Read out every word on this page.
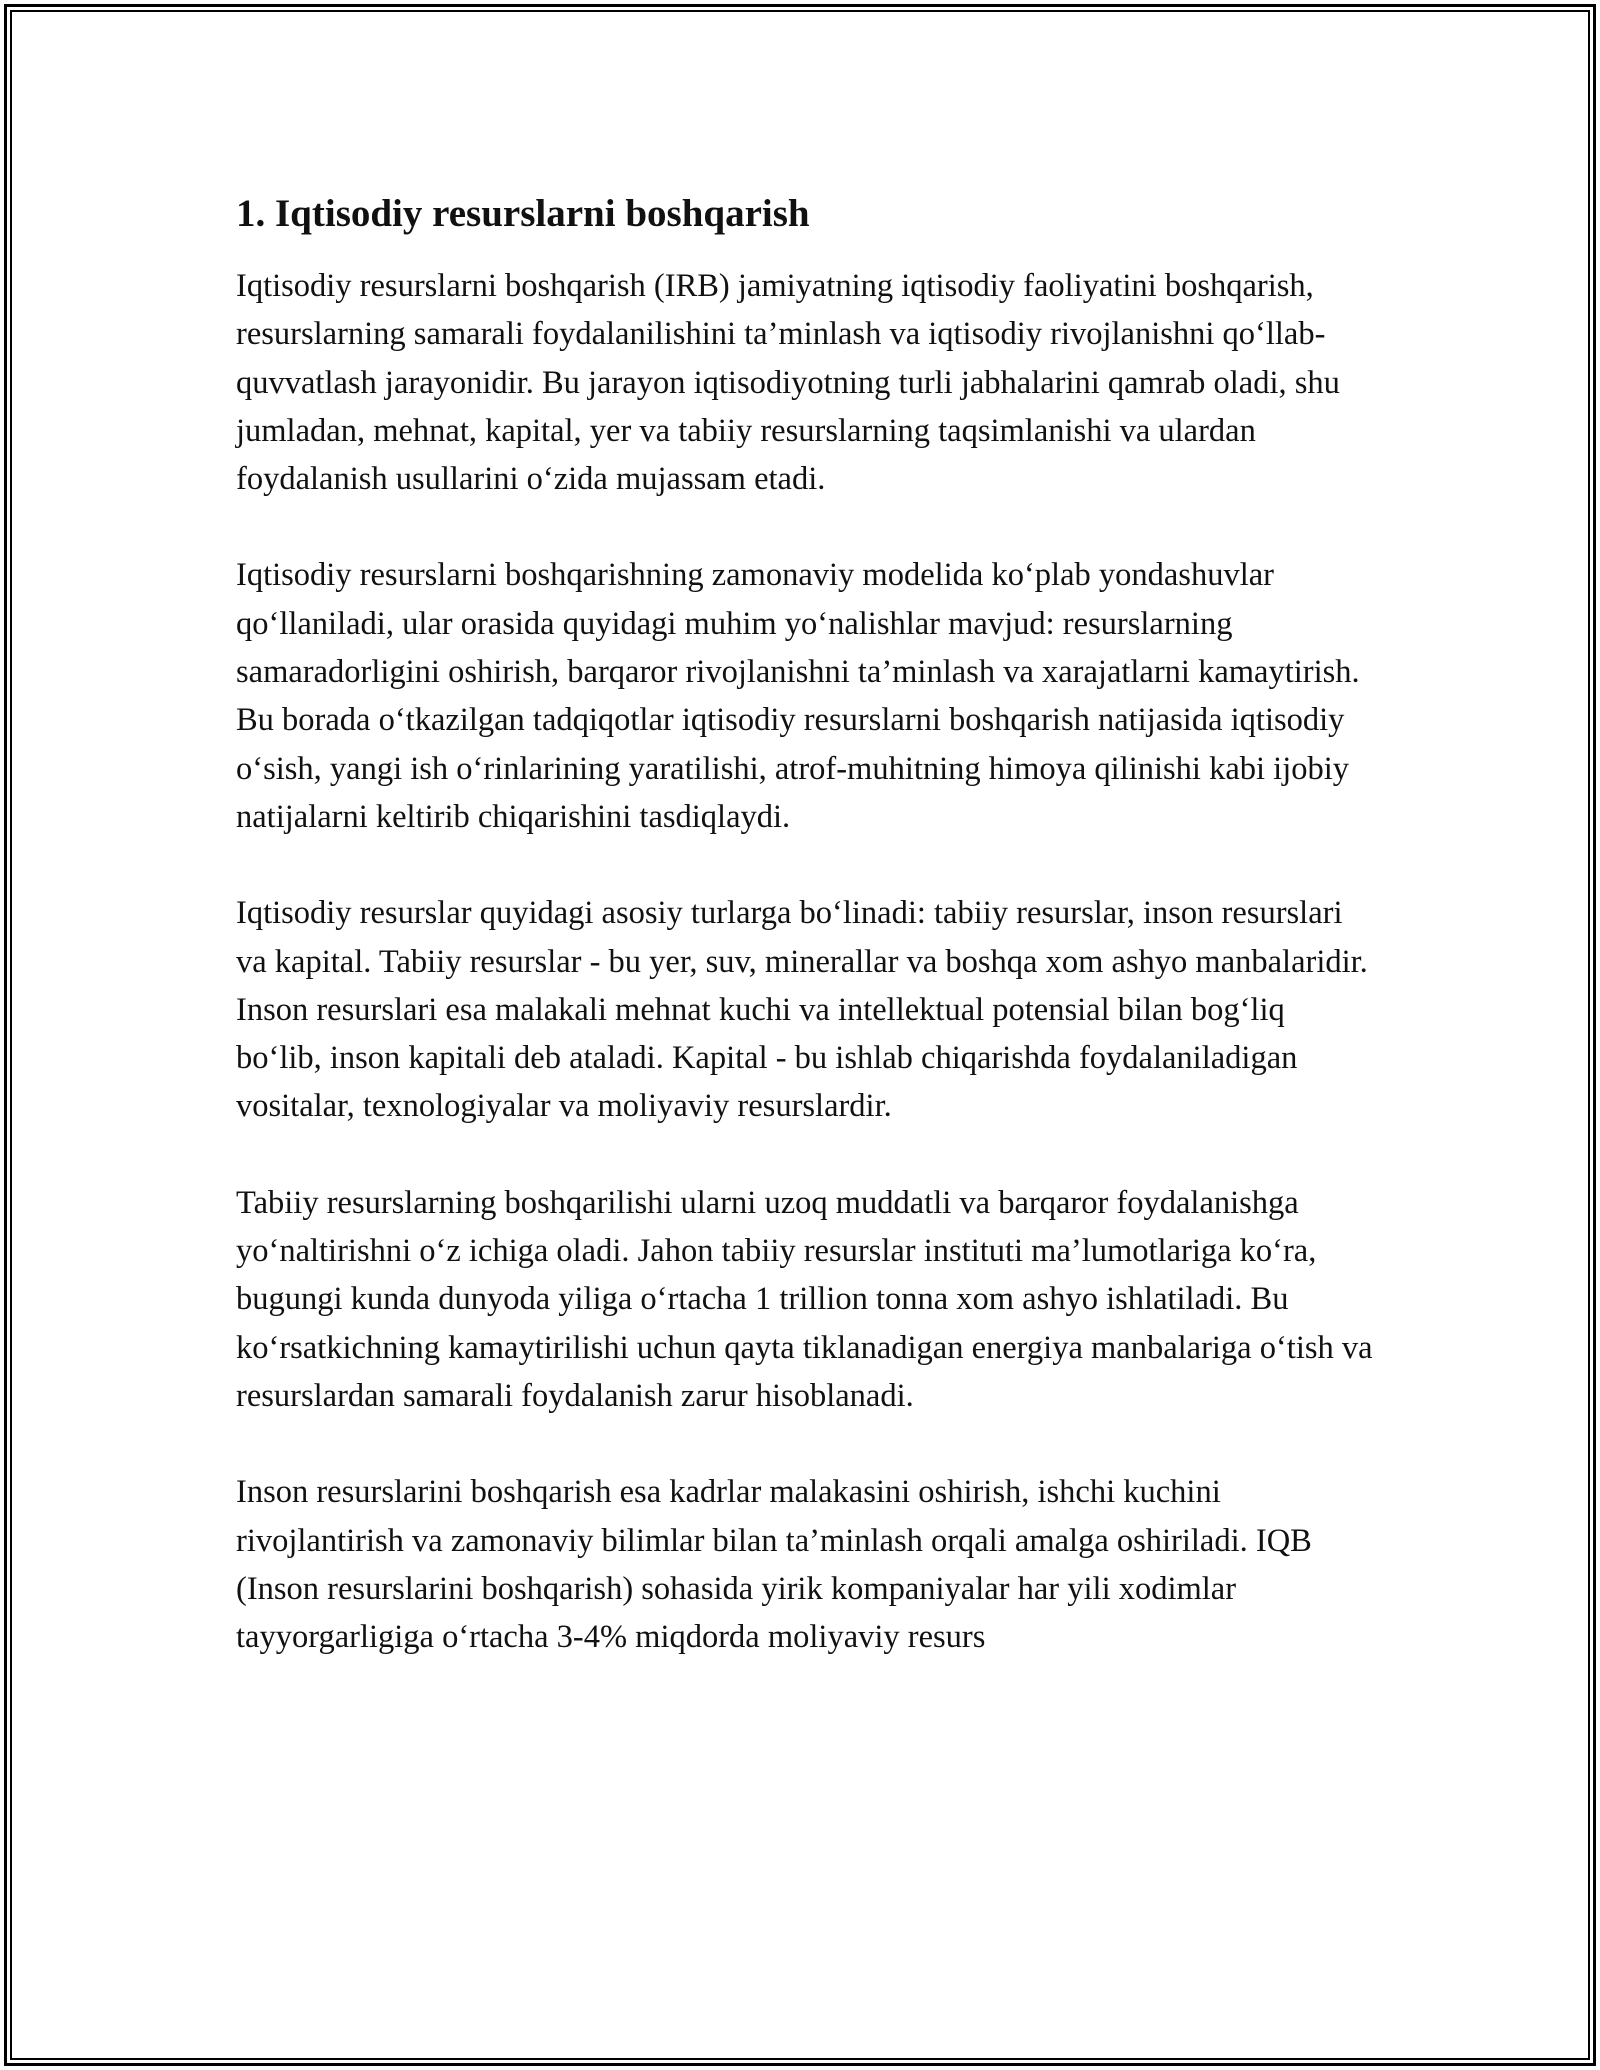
1. Iqtisodiy resurslarni boshqarish

Iqtisodiy resurslarni boshqarish (IRB) jamiyatning iqtisodiy faoliyatini boshqarish, resurslarning samarali foydalanilishini ta’minlash va iqtisodiy rivojlanishni qo‘llab-quvvatlash jarayonidir. Bu jarayon iqtisodiyotning turli jabhalarini qamrab oladi, shu jumladan, mehnat, kapital, yer va tabiiy resurslarning taqsimlanishi va ulardan foydalanish usullarini o‘zida mujassam etadi.

Iqtisodiy resurslarni boshqarishning zamonaviy modelida ko‘plab yondashuvlar qo‘llaniladi, ular orasida quyidagi muhim yo‘nalishlar mavjud: resurslarning samaradorligini oshirish, barqaror rivojlanishni ta’minlash va xarajatlarni kamaytirish. Bu borada o‘tkazilgan tadqiqotlar iqtisodiy resurslarni boshqarish natijasida iqtisodiy o‘sish, yangi ish o‘rinlarining yaratilishi, atrof-muhitning himoya qilinishi kabi ijobiy natijalarni keltirib chiqarishini tasdiqlaydi.

Iqtisodiy resurslar quyidagi asosiy turlarga bo‘linadi: tabiiy resurslar, inson resurslari va kapital. Tabiiy resurslar - bu yer, suv, minerallar va boshqa xom ashyo manbalaridir. Inson resurslari esa malakali mehnat kuchi va intellektual potensial bilan bog‘liq bo‘lib, inson kapitali deb ataladi. Kapital - bu ishlab chiqarishda foydalaniladigan vositalar, texnologiyalar va moliyaviy resurslardir.

Tabiiy resurslarning boshqarilishi ularni uzoq muddatli va barqaror foydalanishga yo‘naltirishni o‘z ichiga oladi. Jahon tabiiy resurslar instituti ma’lumotlariga ko‘ra, bugungi kunda dunyoda yiliga o‘rtacha 1 trillion tonna xom ashyo ishlatiladi. Bu ko‘rsatkichning kamaytirilishi uchun qayta tiklanadigan energiya manbalariga o‘tish va resurslardan samarali foydalanish zarur hisoblanadi.

Inson resurslarini boshqarish esa kadrlar malakasini oshirish, ishchi kuchini rivojlantirish va zamonaviy bilimlar bilan ta’minlash orqali amalga oshiriladi. IQB (Inson resurslarini boshqarish) sohasida yirik kompaniyalar har yili xodimlar tayyorgarligiga o‘rtacha 3-4% miqdorda moliyaviy resurs
